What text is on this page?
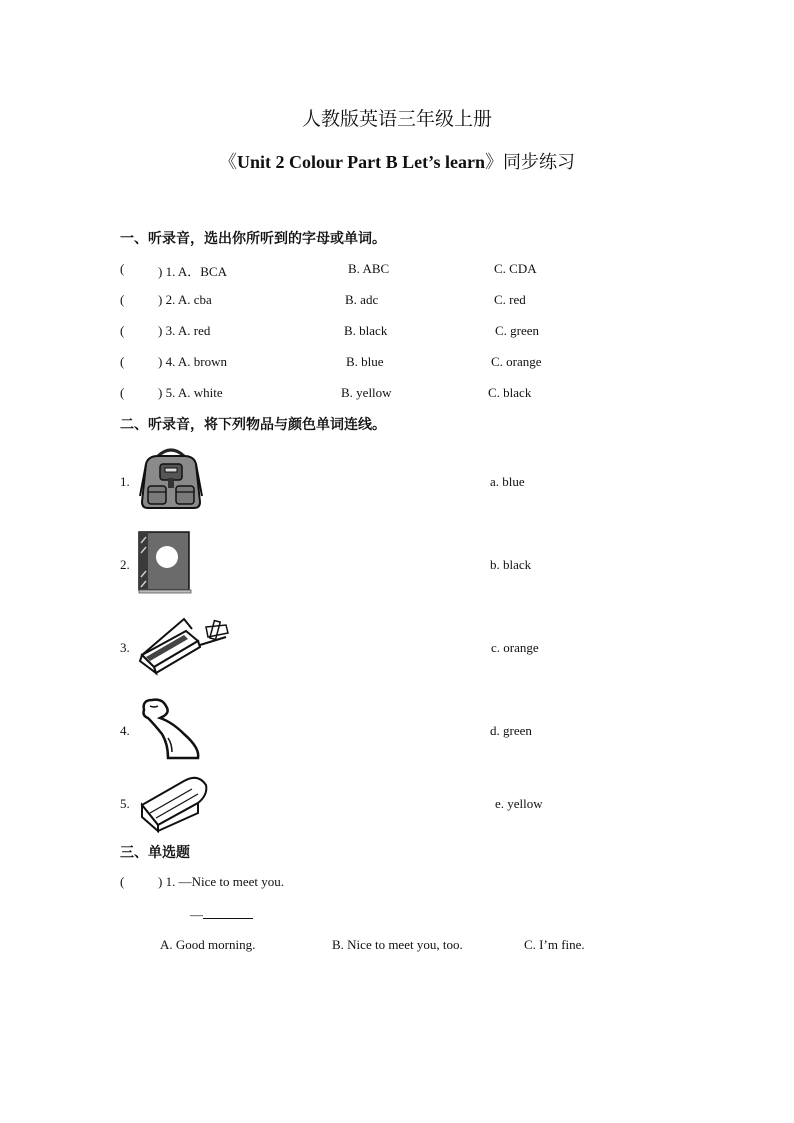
人教版英语三年级上册
《Unit 2 Colour Part B Let’s learn》同步练习
一、听录音，选出你所听到的字母或单词。
(	) 1. A．BCA	B. ABC	C. CDA
(	) 2. A. cba	B. adc	C. red
(	) 3. A. red	B. black	C. green
(	) 4. A. brown	B. blue	C. orange
(	) 5. A. white	B. yellow	C. black
二、听录音，将下列物品与颜色单词连线。
1.	a. blue
2.	b. black
3.	c. orange
4.	d. green
5.	e. yellow
三、单选题
(	) 1. —Nice to meet you.
—
A. Good morning.	B. Nice to meet you, too.	C. I’m fine.
